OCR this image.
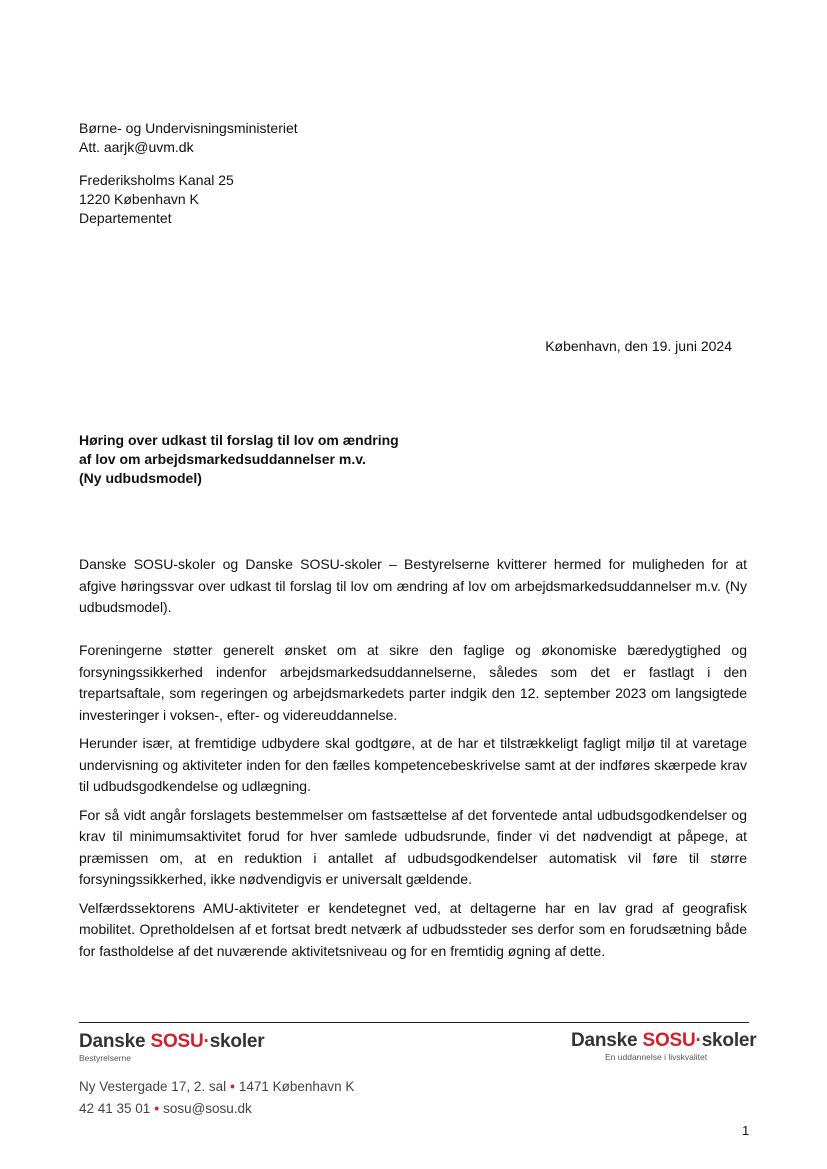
Børne- og Undervisningsministeriet
Att. aarjk@uvm.dk
Frederiksholms Kanal 25
1220 København K
Departementet
København, den 19. juni 2024
Høring over udkast til forslag til lov om ændring
af lov om arbejdsmarkedsuddannelser m.v.
(Ny udbudsmodel)

Danske SOSU-skoler og Danske SOSU-skoler – Bestyrelserne kvitterer hermed for muligheden for at afgive høringssvar over udkast til forslag til lov om ændring af lov om arbejdsmarkedsuddannelser m.v. (Ny udbudsmodel).

Foreningerne støtter generelt ønsket om at sikre den faglige og økonomiske bæredygtighed og forsyningssikkerhed indenfor arbejdsmarkedsuddannelserne, således som det er fastlagt i den trepartsaftale, som regeringen og arbejdsmarkedets parter indgik den 12. september 2023 om langsigtede investeringer i voksen-, efter- og videreuddannelse.

Herunder især, at fremtidige udbydere skal godtgøre, at de har et tilstrækkeligt fagligt miljø til at varetage undervisning og aktiviteter inden for den fælles kompetencebeskrivelse samt at der indføres skærpede krav til udbudsgodkendelse og udlægning.

For så vidt angår forslagets bestemmelser om fastsættelse af det forventede antal udbudsgodkendelser og krav til minimumsaktivitet forud for hver samlede udbudsrunde, finder vi det nødvendigt at påpege, at præmissen om, at en reduktion i antallet af udbudsgodkendelser automatisk vil føre til større forsyningssikkerhed, ikke nødvendigvis er universalt gældende.

Velfærdssektorens AMU-aktiviteter er kendetegnet ved, at deltagerne har en lav grad af geografisk mobilitet. Opretholdelsen af et fortsat bredt netværk af udbudssteder ses derfor som en forudsætning både for fastholdelse af det nuværende aktivitetsniveau og for en fremtidig øgning af dette.

Danske SOSU·skoler
Bestyrelserne
Danske SOSU·skoler
En uddannelse i livskvalitet
Ny Vestergade 17, 2. sal • 1471 København K
42 41 35 01 • sosu@sosu.dk
1
